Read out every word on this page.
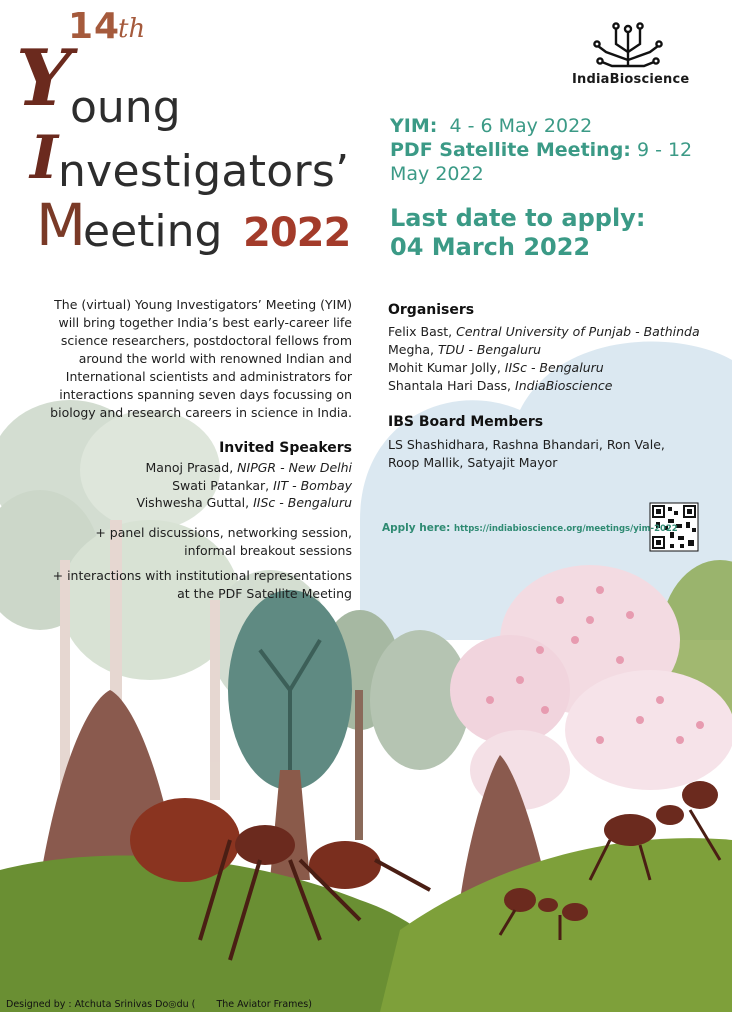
14
th
Y
oung
I nvestigators’
M
eeting 2022
IndiaBioscience
YIM: 4 - 6 May 2022
PDF Satellite Meeting: 9 - 12 May 2022
Last date to apply:
04 March 2022
The (virtual) Young Investigators’ Meeting (YIM) will bring together India’s best early-career life science researchers, postdoctoral fellows from around the world with renowned Indian and International scientists and administrators for interactions spanning seven days focussing on biology and research careers in science in India.
Invited Speakers
Manoj Prasad, NIPGR - New Delhi
Swati Patankar, IIT - Bombay
Vishwesha Guttal, IISc - Bengaluru

+ panel discussions, networking session, informal breakout sessions

+ interactions with institutional representations at the PDF Satellite Meeting

Organisers
Felix Bast, Central University of Punjab - Bathinda
Megha, TDU - Bengaluru
Mohit Kumar Jolly, IISc - Bengaluru
Shantala Hari Dass, IndiaBioscience
IBS Board Members
LS Shashidhara, Rashna Bhandari, Ron Vale, Roop Mallik, Satyajit Mayor
Apply here: https://indiabioscience.org/meetings/yim-2022
Designed by : Atchuta Srinivas Do◎du ( The Aviator Frames)
